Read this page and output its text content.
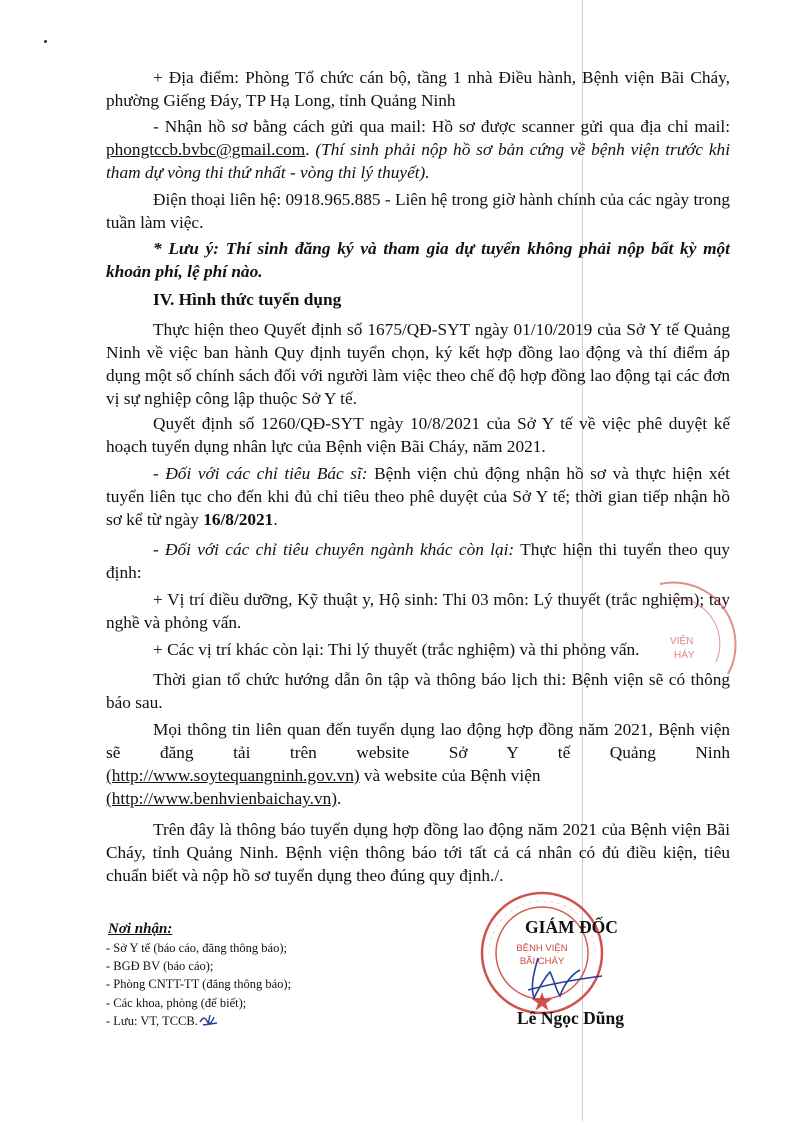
+ Địa điểm: Phòng Tổ chức cán bộ, tầng 1 nhà Điều hành, Bệnh viện Bãi Cháy, phường Giếng Đáy, TP Hạ Long, tỉnh Quảng Ninh

- Nhận hồ sơ bằng cách gửi qua mail: Hồ sơ được scanner gửi qua địa chỉ mail: phongtccb.bvbc@gmail.com. (Thí sinh phải nộp hồ sơ bản cứng về bệnh viện trước khi tham dự vòng thi thứ nhất - vòng thi lý thuyết).

Điện thoại liên hệ: 0918.965.885 - Liên hệ trong giờ hành chính của các ngày trong tuần làm việc.

* Lưu ý: Thí sinh đăng ký và tham gia dự tuyển không phải nộp bất kỳ một khoản phí, lệ phí nào.

IV. Hình thức tuyển dụng

Thực hiện theo Quyết định số 1675/QĐ-SYT ngày 01/10/2019 của Sở Y tế Quảng Ninh về việc ban hành Quy định tuyển chọn, ký kết hợp đồng lao động và thí điểm áp dụng một số chính sách đối với người làm việc theo chế độ hợp đồng lao động tại các đơn vị sự nghiệp công lập thuộc Sở Y tế.

Quyết định số 1260/QĐ-SYT ngày 10/8/2021 của Sở Y tế về việc phê duyệt kế hoạch tuyển dụng nhân lực của Bệnh viện Bãi Cháy, năm 2021.

- Đối với các chỉ tiêu Bác sĩ: Bệnh viện chủ động nhận hồ sơ và thực hiện xét tuyển liên tục cho đến khi đủ chỉ tiêu theo phê duyệt của Sở Y tế; thời gian tiếp nhận hồ sơ kể từ ngày 16/8/2021.

- Đối với các chỉ tiêu chuyên ngành khác còn lại: Thực hiện thi tuyển theo quy định:

+ Vị trí điều dưỡng, Kỹ thuật y, Hộ sinh: Thi 03 môn: Lý thuyết (trắc nghiệm); tay nghề và phỏng vấn.

+ Các vị trí khác còn lại: Thi lý thuyết (trắc nghiệm) và thi phỏng vấn.

Thời gian tổ chức hướng dẫn ôn tập và thông báo lịch thi: Bệnh viện sẽ có thông báo sau.

Mọi thông tin liên quan đến tuyển dụng lao động hợp đồng năm 2021, Bệnh viện sẽ đăng tải trên website Sở Y tế Quảng Ninh

(http://www.soytequangninh.gov.vn) và website của Bệnh viện

(http://www.benhvienbaichay.vn).

Trên đây là thông báo tuyển dụng hợp đồng lao động năm 2021 của Bệnh viện Bãi Cháy, tỉnh Quảng Ninh. Bệnh viện thông báo tới tất cả cá nhân có đủ điều kiện, tiêu chuẩn biết và nộp hồ sơ tuyển dụng theo đúng quy định./.

Nơi nhận:

- Sở Y tế (báo cáo, đăng thông báo);
- BGĐ BV (báo cáo);
- Phòng CNTT-TT (đăng thông báo);
- Các khoa, phòng (để biết);
- Lưu: VT, TCCB.
BỆNH VIỆN
BÃI CHÁY

GIÁM ĐỐC

Lê Ngọc Dũng

VIỆN
HÁY
